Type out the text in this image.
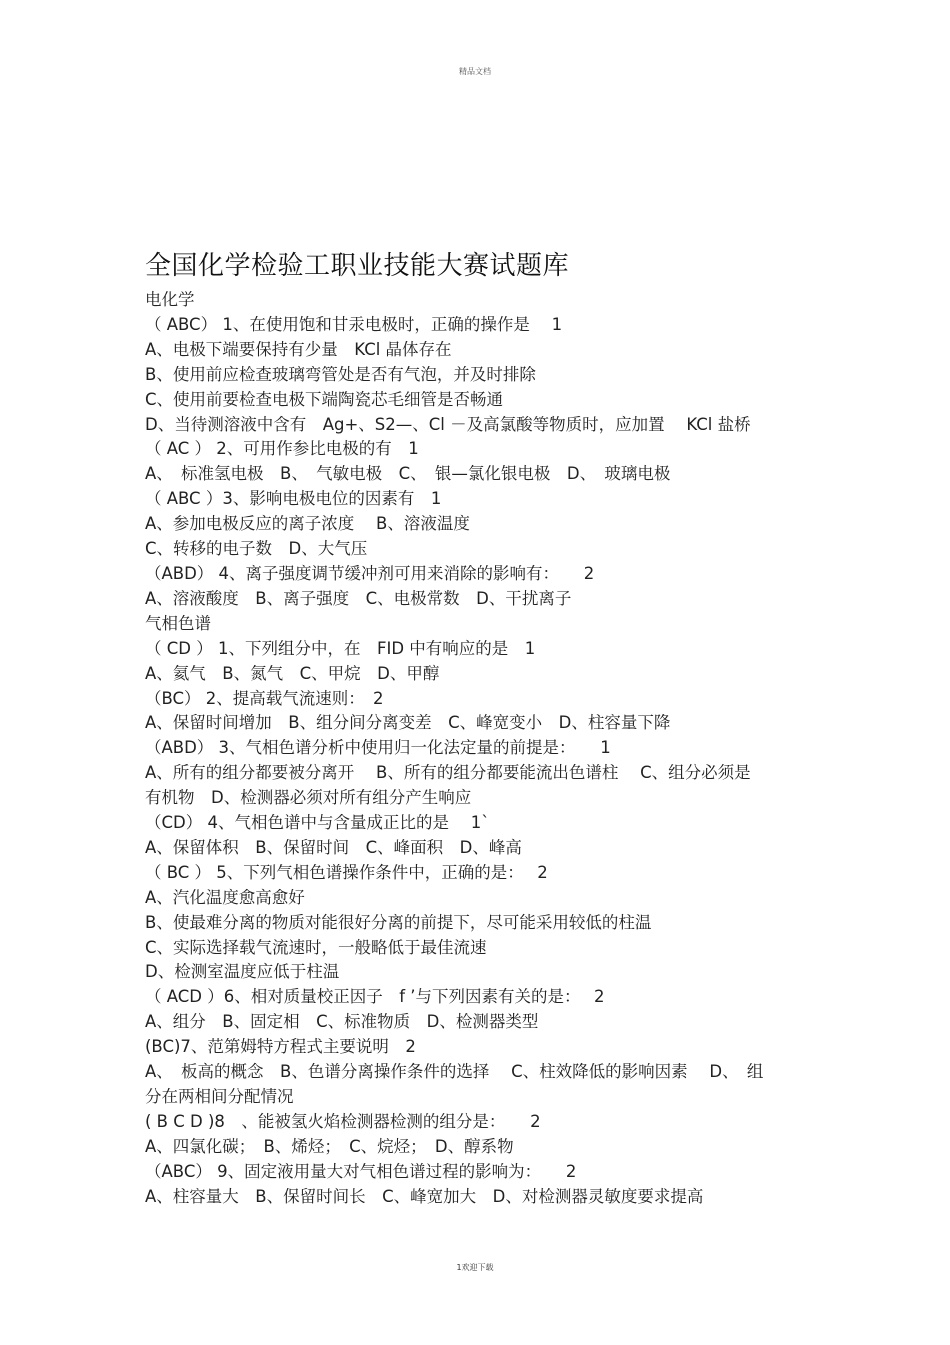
精品文档
全国化学检验工职业技能大赛试题库
电化学
（ ABC） 1、在使用饱和甘汞电极时，正确的操作是　 1
A、电极下端要保持有少量　KCl 晶体存在
B、使用前应检查玻璃弯管处是否有气泡，并及时排除
C、使用前要检查电极下端陶瓷芯毛细管是否畅通
D、当待测溶液中含有　Ag+、S2—、Cl －及高氯酸等物质时，应加置　 KCl 盐桥
（ AC ） 2、可用作参比电极的有　1
A、　标准氢电极　B、　气敏电极　C、　银—氯化银电极　D、　玻璃电极
（ ABC ）3、影响电极电位的因素有　1
A、参加电极反应的离子浓度　 B、溶液温度
C、转移的电子数　D、大气压
（ABD） 4、离子强度调节缓冲剂可用来消除的影响有：　　2
A、溶液酸度　B、离子强度　C、电极常数　D、干扰离子
气相色谱
（ CD ） 1、下列组分中，在　FID 中有响应的是　1
A、氦气　B、氮气　C、甲烷　D、甲醇
（BC） 2、提高载气流速则：　2
A、保留时间增加　B、组分间分离变差　C、峰宽变小　D、柱容量下降
（ABD） 3、气相色谱分析中使用归一化法定量的前提是：　　1
A、所有的组分都要被分离开　 B、所有的组分都要能流出色谱柱　 C、组分必须是
有机物　D、检测器必须对所有组分产生响应
（CD） 4、气相色谱中与含量成正比的是　 1`
A、保留体积　B、保留时间　C、峰面积　D、峰高
（ BC ） 5、下列气相色谱操作条件中，正确的是：　 2
A、汽化温度愈高愈好
B、使最难分离的物质对能很好分离的前提下，尽可能采用较低的柱温
C、实际选择载气流速时，一般略低于最佳流速
D、检测室温度应低于柱温
（ ACD ）6、相对质量校正因子　f ’与下列因素有关的是：　 2
A、组分　B、固定相　C、标准物质　D、检测器类型
(BC)7、范第姆特方程式主要说明　2
A、　板高的概念　B、色谱分离操作条件的选择　 C、柱效降低的影响因素　 D、　组
分在两相间分配情况
( B C D )8　、能被氢火焰检测器检测的组分是：　　2
A、四氯化碳；　B、烯烃；　C、烷烃；　D、醇系物
（ABC） 9、固定液用量大对气相色谱过程的影响为：　　2
A、柱容量大　B、保留时间长　C、峰宽加大　D、对检测器灵敏度要求提高
1欢迎下载
